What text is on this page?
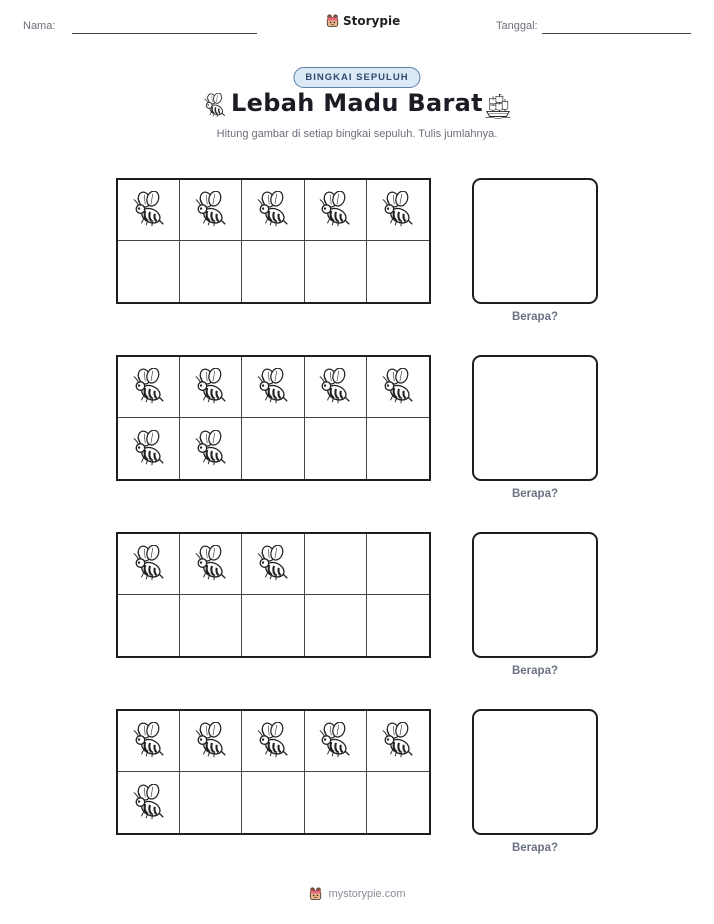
Nama:	Storypie	Tanggal:
BINGKAI SEPULUH
Lebah Madu Barat
Hitung gambar di setiap bingkai sepuluh. Tulis jumlahnya.
Berapa?
Berapa?
Berapa?
Berapa?
mystorypie.com
